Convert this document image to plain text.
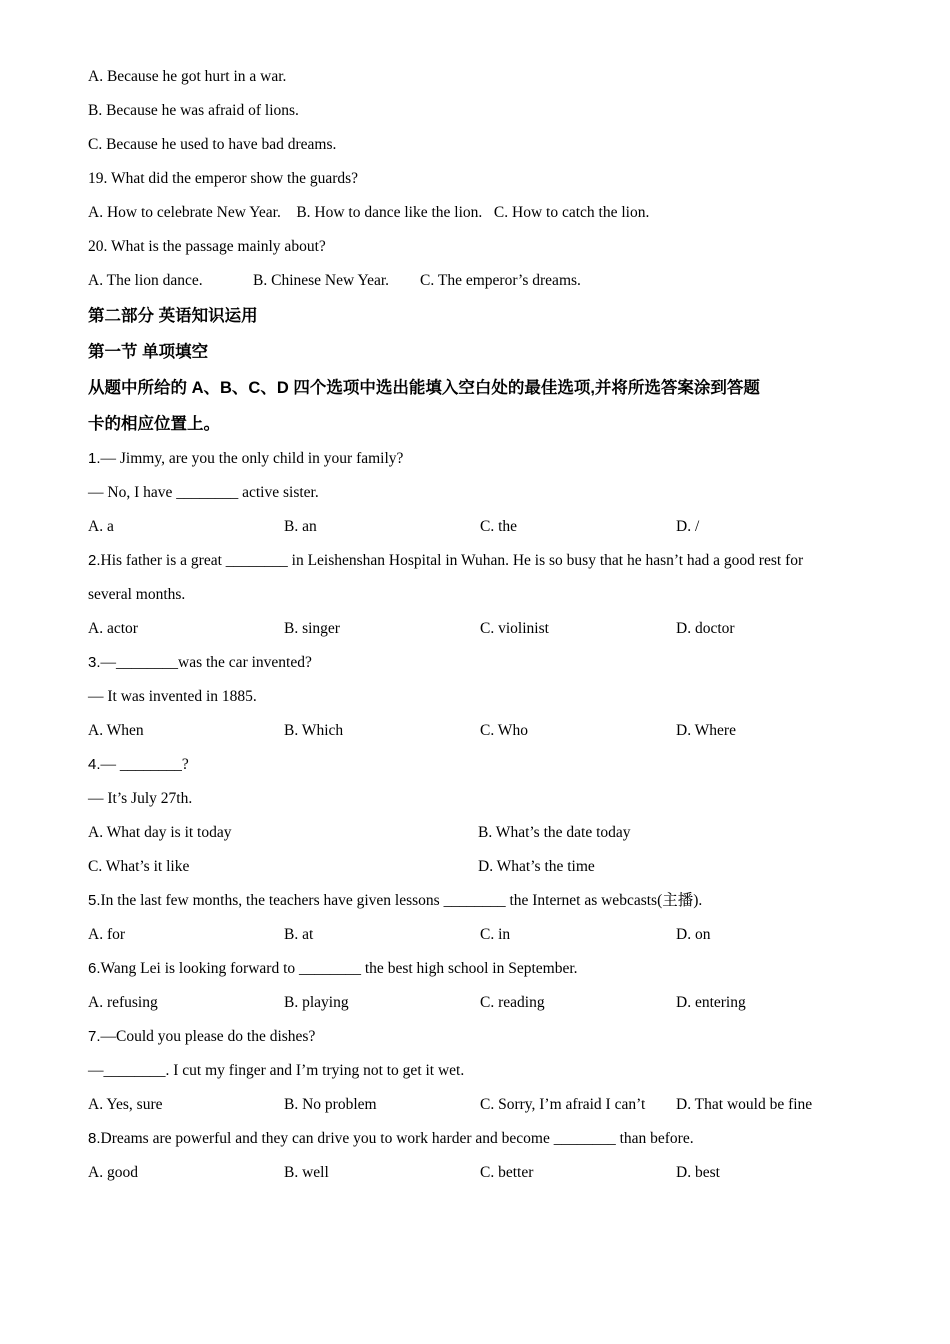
A. Because he got hurt in a war.
B. Because he was afraid of lions.
C. Because he used to have bad dreams.
19. What did the emperor show the guards?
A. How to celebrate New Year.    B. How to dance like the lion.   C. How to catch the lion.
20. What is the passage mainly about?
A. The lion dance.             B. Chinese New Year.        C. The emperor’s dreams.
第二部分 英语知识运用
第一节 单项填空
从题中所给的 A、B、C、D 四个选项中选出能填入空白处的最佳选项,并将所选答案涂到答题
卡的相应位置上。
1.— Jimmy, are you the only child in your family?
— No, I have ________ active sister.
A. a	B. an	C. the	D. /
2.His father is a great ________ in Leishenshan Hospital in Wuhan. He is so busy that he hasn’t had a good rest for
several months.
A. actor	B. singer	C. violinist	D. doctor
3.—________was the car invented?
— It was invented in 1885.
A. When	B. Which	C. Who	D. Where
4.— ________?
— It’s July 27th.
A. What day is it today	B. What’s the date today
C. What’s it like	D. What’s the time
5.In the last few months, the teachers have given lessons ________ the Internet as webcasts(主播).
A. for	B. at	C. in	D. on
6.Wang Lei is looking forward to ________ the best high school in September.
A. refusing	B. playing	C. reading	D. entering
7.—Could you please do the dishes?
—________. I cut my finger and I’m trying not to get it wet.
A. Yes, sure	B. No problem	C. Sorry, I’m afraid I can’t	D. That would be fine
8.Dreams are powerful and they can drive you to work harder and become ________ than before.
A. good	B. well	C. better	D. best
